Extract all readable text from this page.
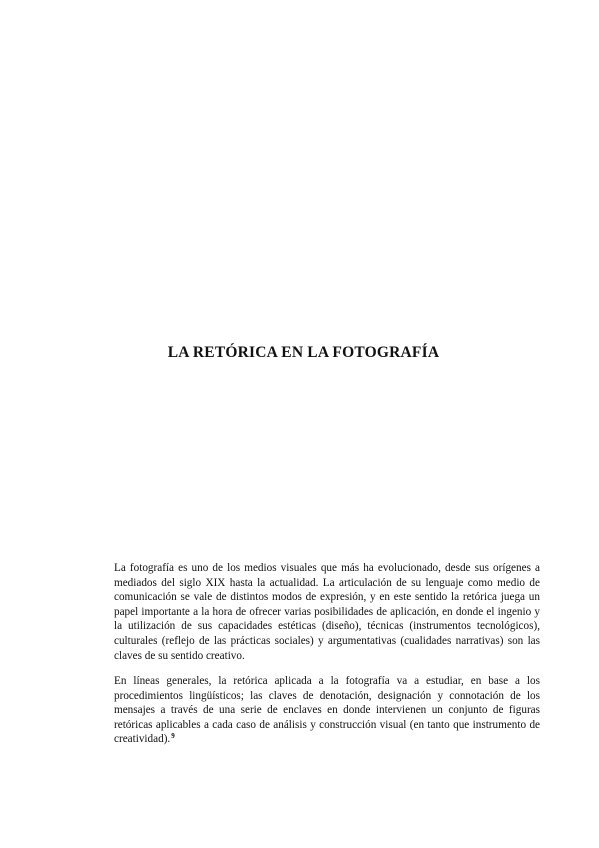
LA RETÓRICA EN LA FOTOGRAFÍA

La fotografía es uno de los medios visuales que más ha evolucionado, desde sus orígenes a mediados del siglo XIX hasta la actualidad. La articulación de su lenguaje como medio de comunicación se vale de distintos modos de expresión, y en este sentido la retórica juega un papel importante a la hora de ofrecer varias posibilidades de aplicación, en donde el ingenio y la utilización de sus capacidades estéticas (diseño), técnicas (instrumentos tecnológicos), culturales (reflejo de las prácticas sociales) y argumentativas (cualidades narrativas) son las claves de su sentido creativo.

En líneas generales, la retórica aplicada a la fotografía va a estudiar, en base a los procedimientos lingüísticos; las claves de denotación, designación y connotación de los mensajes a través de una serie de enclaves en donde intervienen un conjunto de figuras retóricas aplicables a cada caso de análisis y construcción visual (en tanto que instrumento de creatividad).$^9$
